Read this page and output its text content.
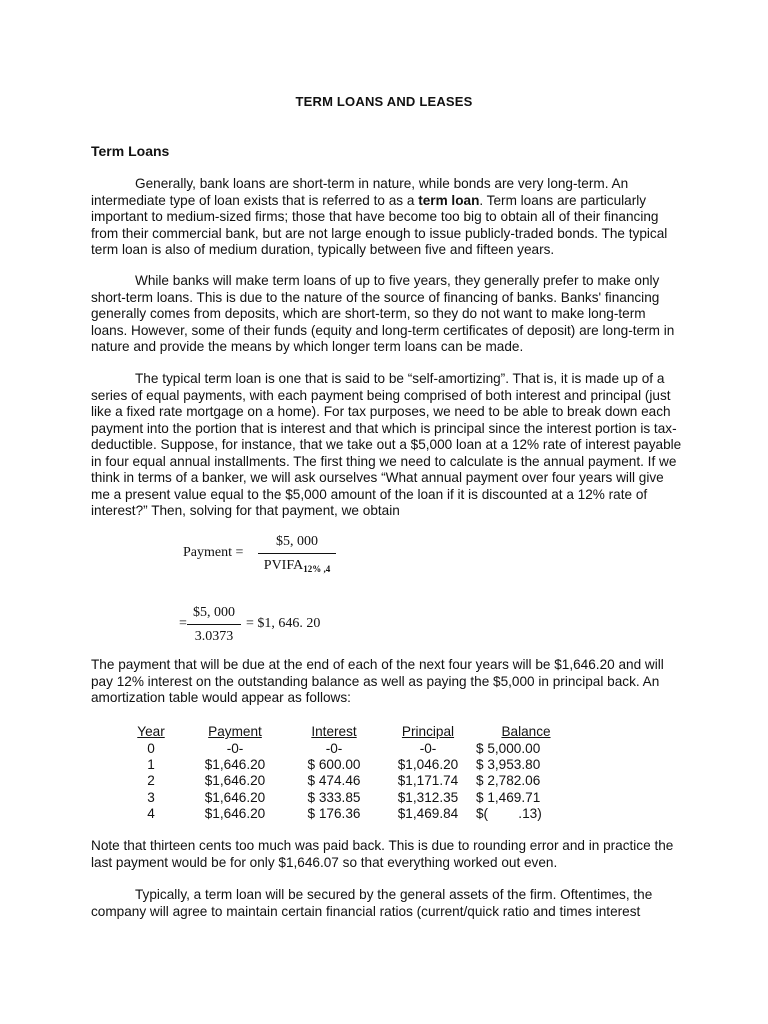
TERM LOANS AND LEASES
Term Loans
Generally, bank loans are short-term in nature, while bonds are very long-term. An intermediate type of loan exists that is referred to as a term loan. Term loans are particularly important to medium-sized firms; those that have become too big to obtain all of their financing from their commercial bank, but are not large enough to issue publicly-traded bonds. The typical term loan is also of medium duration, typically between five and fifteen years.
While banks will make term loans of up to five years, they generally prefer to make only short-term loans. This is due to the nature of the source of financing of banks. Banks' financing generally comes from deposits, which are short-term, so they do not want to make long-term loans. However, some of their funds (equity and long-term certificates of deposit) are long-term in nature and provide the means by which longer term loans can be made.
The typical term loan is one that is said to be “self-amortizing”. That is, it is made up of a series of equal payments, with each payment being comprised of both interest and principal (just like a fixed rate mortgage on a home). For tax purposes, we need to be able to break down each payment into the portion that is interest and that which is principal since the interest portion is tax-deductible. Suppose, for instance, that we take out a $5,000 loan at a 12% rate of interest payable in four equal annual installments. The first thing we need to calculate is the annual payment. If we think in terms of a banker, we will ask ourselves “What annual payment over four years will give me a present value equal to the $5,000 amount of the loan if it is discounted at a 12% rate of interest?” Then, solving for that payment, we obtain
Payment =
$5, 000
$PVIFA_{12\% ,4}$
=
$5, 000
3.0373
= $1, 646. 20
The payment that will be due at the end of each of the next four years will be $1,646.20 and will pay 12% interest on the outstanding balance as well as paying the $5,000 in principal back. An amortization table would appear as follows:
Year	Payment	Interest	Principal	Balance
0	-0-	-0-	-0-	$ 5,000.00
1	$1,646.20	$ 600.00	$1,046.20	$ 3,953.80
2	$1,646.20	$ 474.46	$1,171.74	$ 2,782.06
3	$1,646.20	$ 333.85	$1,312.35	$ 1,469.71
4	$1,646.20	$ 176.36	$1,469.84	$(        .13)
Note that thirteen cents too much was paid back. This is due to rounding error and in practice the last payment would be for only $1,646.07 so that everything worked out even.
Typically, a term loan will be secured by the general assets of the firm. Oftentimes, the company will agree to maintain certain financial ratios (current/quick ratio and times interest
